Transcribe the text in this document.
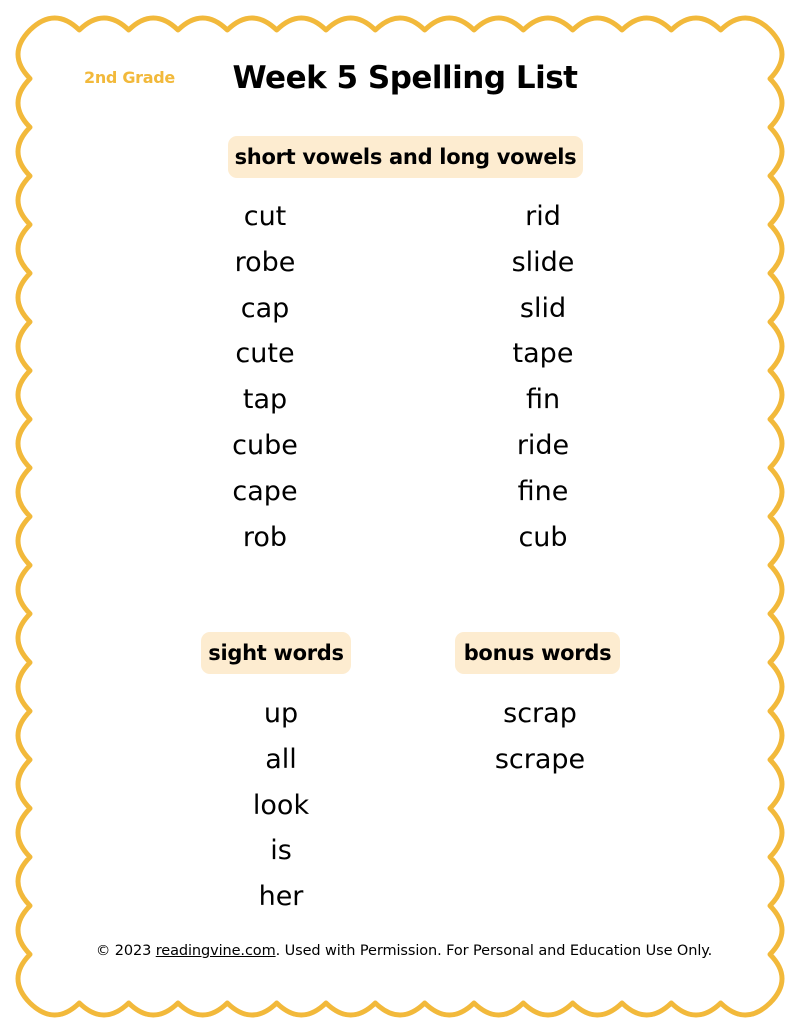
2nd Grade	Week 5 Spelling List
short vowels and long vowels
cut
robe
cap
cute
tap
cube
cape
rob
rid
slide
slid
tape
fin
ride
fine
cub
sight words	bonus words
up
all
look
is
her
scrap
scrape
© 2023 readingvine.com. Used with Permission. For Personal and Education Use Only.
